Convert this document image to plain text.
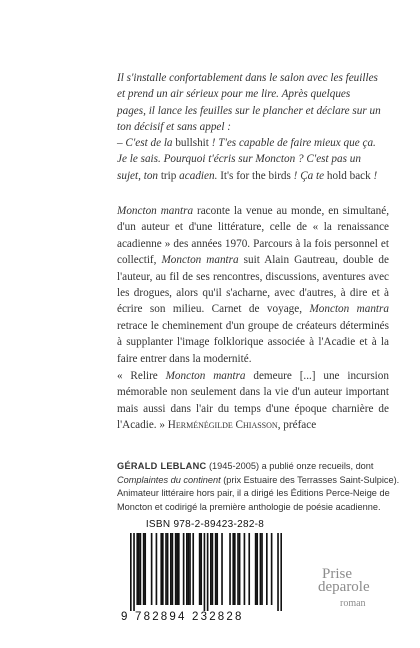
Il s'installe confortablement dans le salon avec les feuilles

et prend un air sérieux pour me lire. Après quelques

pages, il lance les feuilles sur le plancher et déclare sur un

ton décisif et sans appel :

– C'est de la bullshit ! T'es capable de faire mieux que ça.

Je le sais. Pourquoi t'écris sur Moncton ? C'est pas un

sujet, ton trip acadien. It's for the birds ! Ça te hold back !

Moncton mantra raconte la venue au monde, en simultané, d'un auteur et d'une littérature, celle de « la renaissance acadienne » des années 1970. Parcours à la fois personnel et collectif, Moncton mantra suit Alain Gautreau, double de l'auteur, au fil de ses rencontres, discussions, aventures avec les drogues, alors qu'il s'acharne, avec d'autres, à dire et à écrire son milieu. Carnet de voyage, Moncton mantra retrace le cheminement d'un groupe de créateurs déterminés à supplanter l'image folklorique associée à l'Acadie et à la faire entrer dans la modernité.

« Relire Moncton mantra demeure [...] une incursion mémorable non seulement dans la vie d'un auteur important mais aussi dans l'air du temps d'une époque charnière de l'Acadie. » Herménégilde Chiasson, préface

GÉRALD LEBLANC (1945-2005) a publié onze recueils, dont Complaintes du continent (prix Estuaire des Terrasses Saint-Sulpice). Animateur littéraire hors pair, il a dirigé les Éditions Perce-Neige de Moncton et codirigé la première anthologie de poésie acadienne.

ISBN 978-2-89423-282-8
9 782894 232828
Prise
deparole
roman
